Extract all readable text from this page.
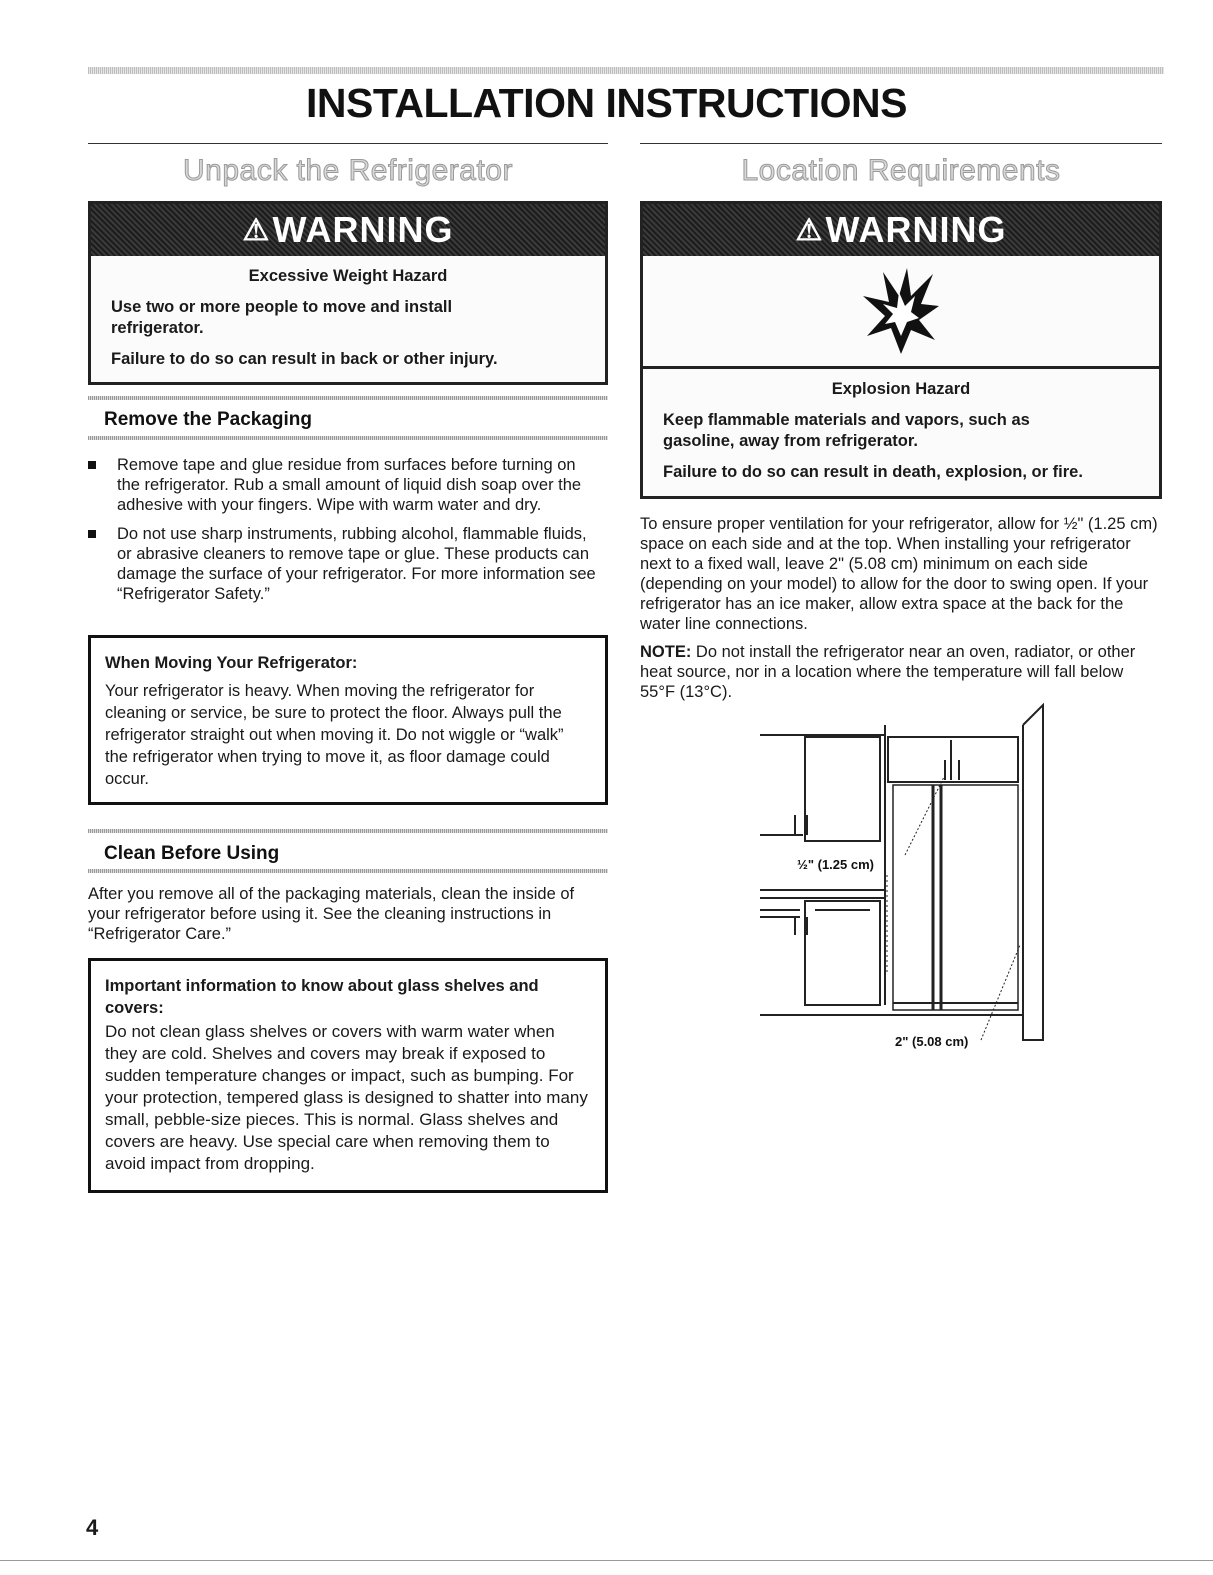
INSTALLATION INSTRUCTIONS
Unpack the Refrigerator
⚠ WARNING

Excessive Weight Hazard

Use two or more people to move and install refrigerator.

Failure to do so can result in back or other injury.

Remove the Packaging
Remove tape and glue residue from surfaces before turning on the refrigerator. Rub a small amount of liquid dish soap over the adhesive with your fingers. Wipe with warm water and dry.
Do not use sharp instruments, rubbing alcohol, flammable fluids, or abrasive cleaners to remove tape or glue. These products can damage the surface of your refrigerator. For more information see “Refrigerator Safety.”

When Moving Your Refrigerator:

Your refrigerator is heavy. When moving the refrigerator for cleaning or service, be sure to protect the floor. Always pull the refrigerator straight out when moving it. Do not wiggle or “walk” the refrigerator when trying to move it, as floor damage could occur.

Clean Before Using

After you remove all of the packaging materials, clean the inside of your refrigerator before using it. See the cleaning instructions in “Refrigerator Care.”

Important information to know about glass shelves and covers:

Do not clean glass shelves or covers with warm water when they are cold. Shelves and covers may break if exposed to sudden temperature changes or impact, such as bumping. For your protection, tempered glass is designed to shatter into many small, pebble-size pieces. This is normal. Glass shelves and covers are heavy. Use special care when removing them to avoid impact from dropping.

Location Requirements
⚠ WARNING

Explosion Hazard

Keep flammable materials and vapors, such as gasoline, away from refrigerator.

Failure to do so can result in death, explosion, or fire.

To ensure proper ventilation for your refrigerator, allow for ½" (1.25 cm) space on each side and at the top. When installing your refrigerator next to a fixed wall, leave 2" (5.08 cm) minimum on each side (depending on your model) to allow for the door to swing open. If your refrigerator has an ice maker, allow extra space at the back for the water line connections.

NOTE: Do not install the refrigerator near an oven, radiator, or other heat source, nor in a location where the temperature will fall below 55°F (13°C).

½" (1.25 cm)
2" (5.08 cm)
4
